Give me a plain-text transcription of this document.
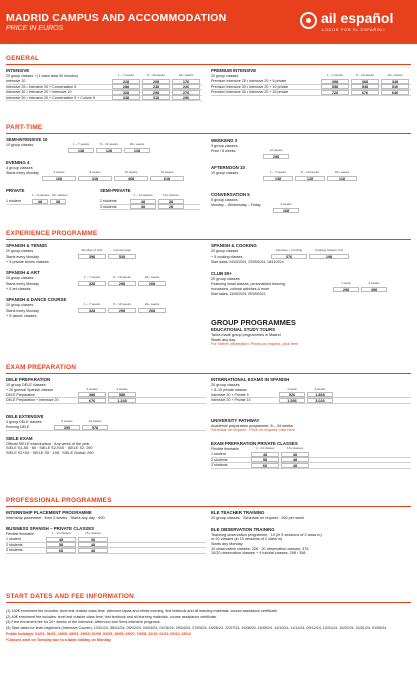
MADRID CAMPUS AND ACCOMMODATION
PRICE IN EUROS
ail español
LOCOS POR EL ESPAÑOL!
GENERAL
INTENSIVE
20 group classes + (1 class tests 50 minutes)	1 – 7 weeks	8 – 19 weeks	20+ weeks
Intensive 20	228	208	176
Intensive 25 • Intensive 20 + Conversation 5	288	238	226
Intensive 30 • Intensive 20 + Intensive 10	328	298	276
Intensive 30 • Intensive 20 + Conversation 5 + Culture 5	348	318	296
PREMIUM INTENSIVE
20 group classes	1 – 7 weeks	8 – 19 weeks	20+ weeks
Premium Intensive 25 • Intensive 20 + 5 private	398	368	348
Premium Intensive 30 • Intensive 20 + 10 private	558	538	516
Premium Intensive 35 • Intensive 20 + 15 private	726	676	646
PART-TIME
SEMI-INTENSIVE 10
10 group classes	1 – 7 weeks	8 – 19 weeks	20+ weeks
138	128	118
EVENING 4
4 group classes
Starts every Monday	4 weeks	8 weeks	12 weeks	16 weeks
168	318	468	618
PRIVATE
1 – 9 classes 10+ classes
1 student	48	38
SEMI-PRIVATE
1 – 14 classes	15+ classes
2 students	48	38
3 students	38	28
WEEKEND 3
3 group classes
Price / 8 weeks	12 weeks
298
AFTERNOON 10
10 group classes	1 – 7 weeks	8 – 19 weeks	20+ weeks
138	128	118
CONVERSATION 5
5 group classes
Monday – Wednesday – Friday	4 weeks
168
EXPERIENCE PROGRAMME
SPANISH & TENNIS
20 group classes	Member of club	2 tennis bags
Starts every Monday	398	528
+ 5 private tennis classes
SPANISH & ART
20 group classes	1 – 7 weeks	8 – 19 weeks	20+ weeks
Starts every Monday	328	298	268
+ 5 art classes
SPANISH & DANCE COURSE
20 group classes	1 – 7 weeks	8 – 19 weeks	20+ weeks
Starts every Monday	328	298	268
+ 5 dance classes
SPANISH & COOKING
20 group classes	Intensive + Cooking	Cooking classes only
+ 5 cooking classes	376	198
Start dates: 04/03/2024, 23/09/2024, 18/11/2024
CLUB 50+
20 group classes
Featuring small classes, personalised learning,	1 week	2 weeks
excursions, cultural activities & more	298	498
Start dates: 13/05/2024, 09/09/2024
GROUP PROGRAMMES
EDUCATIONAL STUDY TOURS
Tailor-made group programmes in Madrid
Starts any day
For further information: Prices on request, click here
EXAM PREPARATION
DELE PREPARATION
10 group DELE classes
+ 20 general Spanish classes	2 weeks	4 weeks
DELE Preparation	388	588
DELE Preparation + Intensive 20	676	1.248
DELE EXTENSIVE
4 group DELE classes	8 weeks	12 weeks
Evening DELE	395	578
SIELE EXAM
Official SIELE examination · Any week of the year
SIELE S1-S6 · 65 · SIELE S2-S4S · SIELE S2: 290
SIELE S2+S4 · SIELE S5 · 198 · SIELE Global: 290
INTERNATIONAL EXAMS IN SPANISH
20 group classes
+ 5–10 private classes	1 week	2 weeks
Intensive 20 + Private 5	926	1.868
Intensive 20 + Private 10	1.556	3.026
UNIVERSITY PATHWAY
Academic preparation programme: 8 – 34 weeks
Schedule on request · Price on request, click here
EXAM PREPARATION PRIVATE CLASSES
Flexible timetable	1 – 14 classes	15+ classes
1 student	48	38
2 students	58	48
3 students	68	48
PROFESSIONAL PROGRAMMES
INTERNSHIP PLACEMENT PROGRAMME
Internship placement · from 2 weeks · Starts any day · 690
BUSINESS SPANISH – PRIVATE CLASSES
Flexible timetable	1 – 14 classes	15+ classes
1 student	48	38
2 students	58	48
3 students	68	48
ELE TEACHER TRAINING
20 group classes · Schedule on request · 260 per week
ELE OBSERVATION TRAINING
Teaching observation programme · 10 (in 5 sessions of 2 class in)
or 20 classes (in 10 sessions of 2 class in)
Starts any Monday
10 observation classes: 226 · 20 observation classes: 376
10/20 observation classes + 4 tutorial classes: 298 / 398
START DATES AND FEE INFORMATION
(1) 100€ enrolment fee includes: level test outside class time, welcome tapas and drinks evening, first textbook and all learning materials, course assistance certificate.
(2) 40€ enrolment fee includes: level test outside class time, first textbook and all learning materials, course assistance certificate.
(3) Free enrolment fee for 20+ weeks of the Intensive, Afternoon and Semi-intensive programs.
(4) Start dates for level beginners (Intensive Course): 13/01/24, 08/01/24, 05/02/24, 04/03/24, 01/04/24, 29/04/24, 27/05/24, 24/06/24, 22/07/24, 19/08/24, 16/09/24, 14/10/24, 11/11/24, 09/12/24, 13/01/24, 10/02/24, 24/01/24, 01/06/24
Public holidays: 01/01, 06/01, 19/03, 28/03, 29/03, 01/05, 02/05, 15/05, 25/07, 15/08, 12/10, 01/11, 06/12, 25/12
*Classes start on Tuesday due to a bank holiday on Monday
